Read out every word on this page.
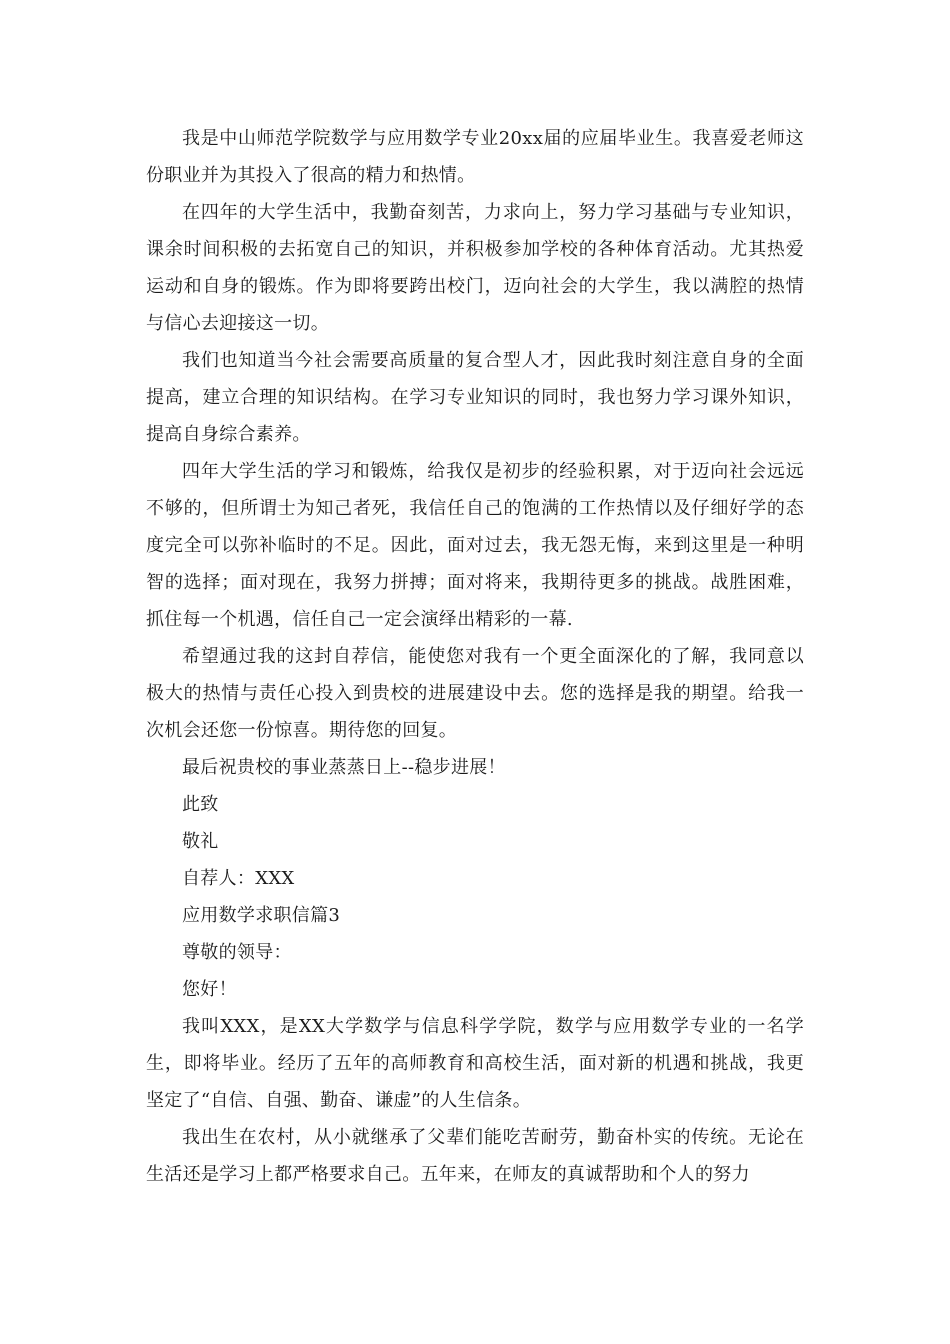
我是中山师范学院数学与应用数学专业20xx届的应届毕业生。我喜爱老师这份职业并为其投入了很高的精力和热情。

在四年的大学生活中，我勤奋刻苦，力求向上，努力学习基础与专业知识，课余时间积极的去拓宽自己的知识，并积极参加学校的各种体育活动。尤其热爱运动和自身的锻炼。作为即将要跨出校门，迈向社会的大学生，我以满腔的热情与信心去迎接这一切。

我们也知道当今社会需要高质量的复合型人才，因此我时刻注意自身的全面提高，建立合理的知识结构。在学习专业知识的同时，我也努力学习课外知识，提高自身综合素养。

四年大学生活的学习和锻炼，给我仅是初步的经验积累，对于迈向社会远远不够的，但所谓士为知己者死，我信任自己的饱满的工作热情以及仔细好学的态度完全可以弥补临时的不足。因此，面对过去，我无怨无悔，来到这里是一种明智的选择；面对现在，我努力拼搏；面对将来，我期待更多的挑战。战胜困难，抓住每一个机遇，信任自己一定会演绎出精彩的一幕.

希望通过我的这封自荐信，能使您对我有一个更全面深化的了解，我同意以极大的热情与责任心投入到贵校的进展建设中去。您的选择是我的期望。给我一次机会还您一份惊喜。期待您的回复。

最后祝贵校的事业蒸蒸日上--稳步进展！

此致

敬礼

自荐人：XXX

应用数学求职信篇3

尊敬的领导：

您好！

我叫XXX，是XX大学数学与信息科学学院，数学与应用数学专业的一名学生，即将毕业。经历了五年的高师教育和高校生活，面对新的机遇和挑战，我更坚定了“自信、自强、勤奋、谦虚”的人生信条。

我出生在农村，从小就继承了父辈们能吃苦耐劳，勤奋朴实的传统。无论在生活还是学习上都严格要求自己。五年来，在师友的真诚帮助和个人的努力
